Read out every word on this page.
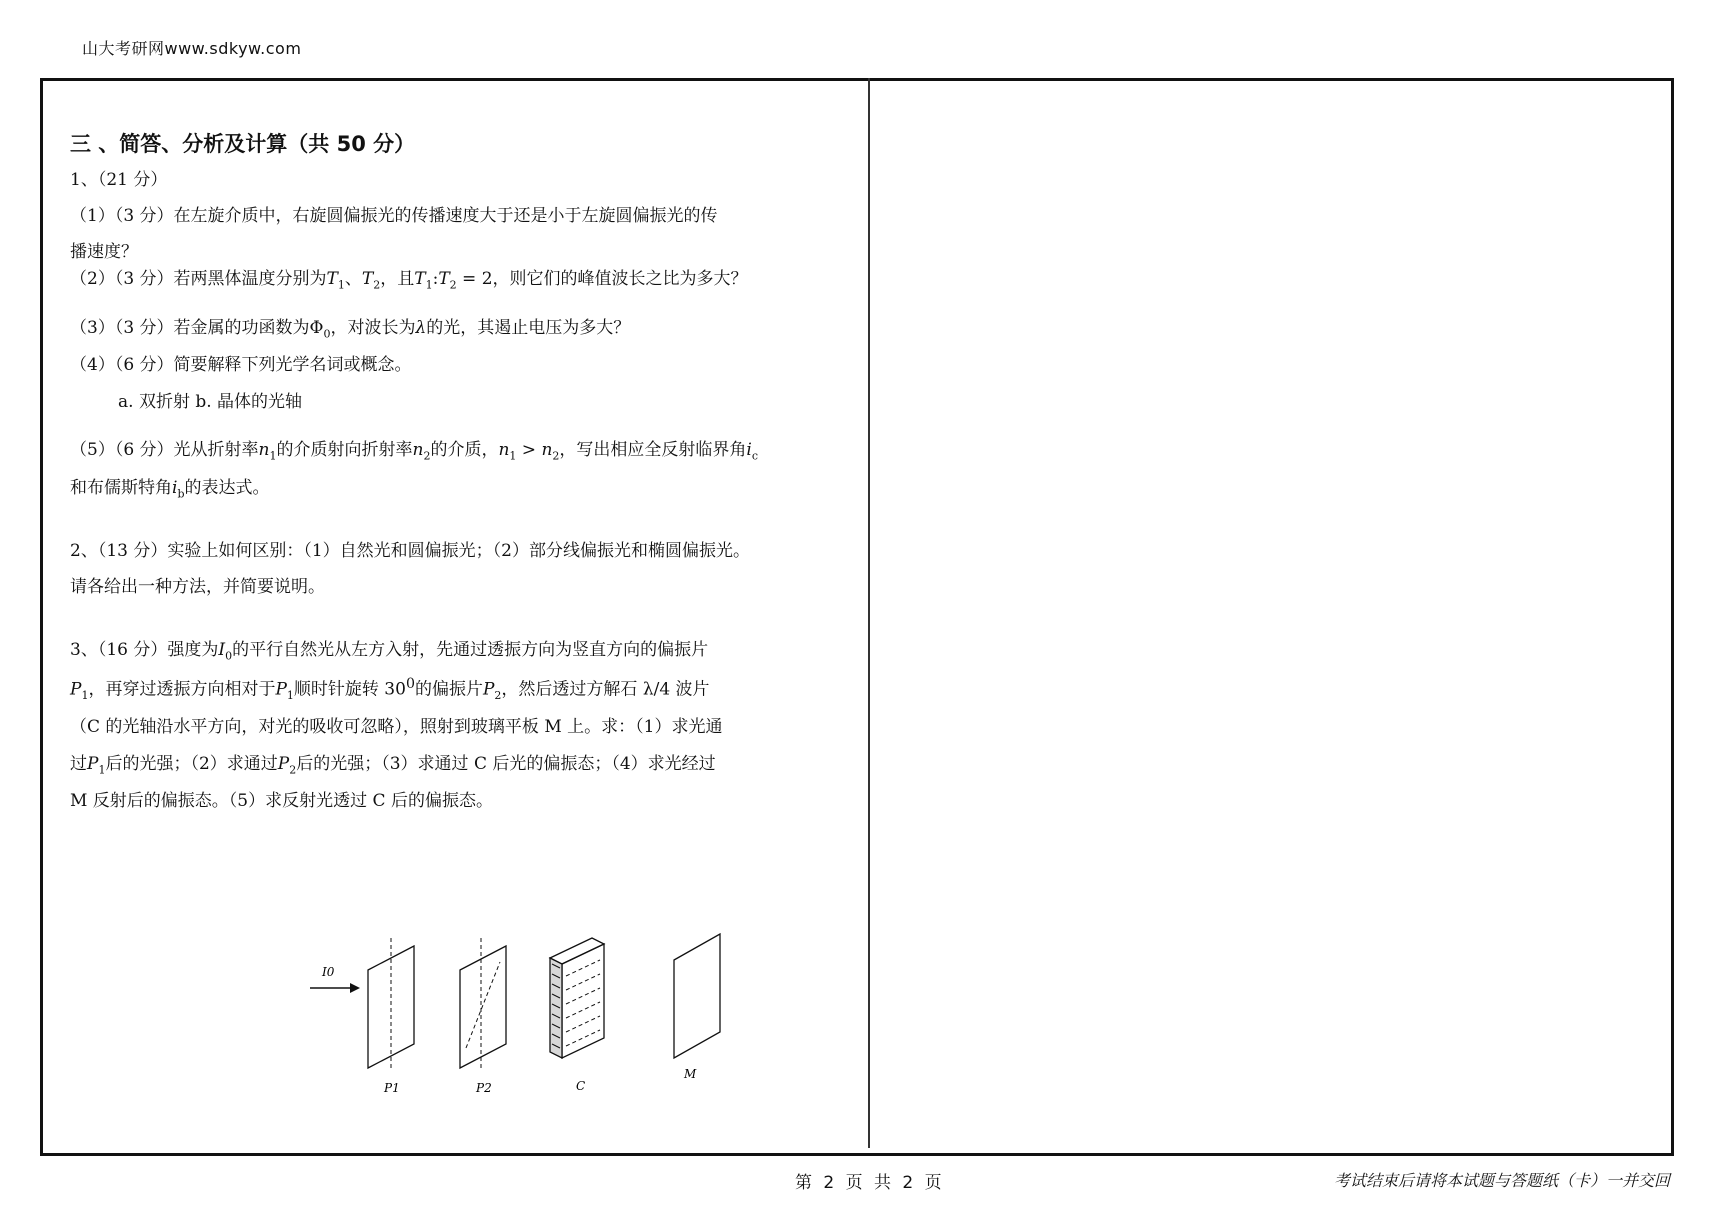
山大考研网www.sdkyw.com
三 、简答、分析及计算（共 50 分）

1、（21 分）

（1）（3 分）在左旋介质中，右旋圆偏振光的传播速度大于还是小于左旋圆偏振光的传

播速度？

（2）（3 分）若两黑体温度分别为$T_1$、$T_2$，且$T_1:T_2 = 2$，则它们的峰值波长之比为多大？

（3）（3 分）若金属的功函数为$\Phi_0$，对波长为λ的光，其遏止电压为多大？

（4）（6 分）简要解释下列光学名词或概念。

a. 双折射 b. 晶体的光轴

（5）（6 分）光从折射率$n_1$的介质射向折射率$n_2$的介质，$n_1 > n_2$，写出相应全反射临界角$i_c$

和布儒斯特角$i_b$的表达式。

2、（13 分）实验上如何区别：（1）自然光和圆偏振光；（2）部分线偏振光和椭圆偏振光。

请各给出一种方法，并简要说明。

3、（16 分）强度为$I_0$的平行自然光从左方入射，先通过透振方向为竖直方向的偏振片

$P_1$，再穿过透振方向相对于$P_1$顺时针旋转 $30^0$的偏振片$P_2$，然后透过方解石 λ/4 波片

（C 的光轴沿水平方向，对光的吸收可忽略），照射到玻璃平板 M 上。求：（1）求光通

过$P_1$后的光强；（2）求通过$P_2$后的光强；（3）求通过 C 后光的偏振态；（4）求光经过

M 反射后的偏振态。（5）求反射光透过 C 后的偏振态。

I0
P1	P2	C
M
第 2 页 共 2 页	考试结束后请将本试题与答题纸（卡）一并交回
